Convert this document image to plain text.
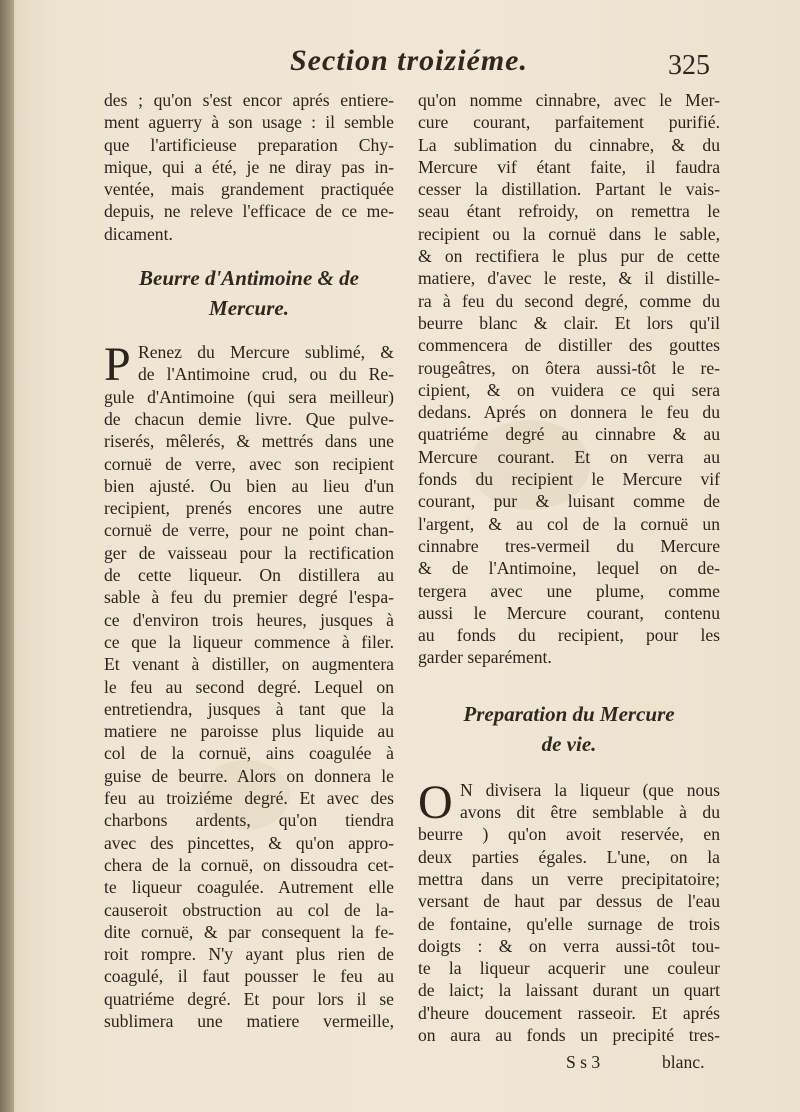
Section troiziéme.	325
des ; qu'on s'est encor aprés entiere-
ment aguerry à son usage : il semble
que l'artificieuse preparation Chy-
mique, qui a été, je ne diray pas in-
ventée, mais grandement practiquée
depuis, ne releve l'efficace de ce me-
dicament.
Beurre d'Antimoine & de
Mercure.
P Renez du Mercure sublimé, &
de l'Antimoine crud, ou du Re-
gule d'Antimoine (qui sera meilleur)
de chacun demie livre. Que pulve-
riserés, mêlerés, & mettrés dans une
cornuë de verre, avec son recipient
bien ajusté. Ou bien au lieu d'un
recipient, prenés encores une autre
cornuë de verre, pour ne point chan-
ger de vaisseau pour la rectification
de cette liqueur. On distillera au
sable à feu du premier degré l'espa-
ce d'environ trois heures, jusques à
ce que la liqueur commence à filer.
Et venant à distiller, on augmentera
le feu au second degré. Lequel on
entretiendra, jusques à tant que la
matiere ne paroisse plus liquide au
col de la cornuë, ains coagulée à
guise de beurre. Alors on donnera le
feu au troiziéme degré. Et avec des
charbons ardents, qu'on tiendra
avec des pincettes, & qu'on appro-
chera de la cornuë, on dissoudra cet-
te liqueur coagulée. Autrement elle
causeroit obstruction au col de la-
dite cornuë, & par consequent la fe-
roit rompre. N'y ayant plus rien de
coagulé, il faut pousser le feu au
quatriéme degré. Et pour lors il se
sublimera une matiere vermeille,
qu'on nomme cinnabre, avec le Mer-
cure courant, parfaitement purifié.
La sublimation du cinnabre, & du
Mercure vif étant faite, il faudra
cesser la distillation. Partant le vais-
seau étant refroidy, on remettra le
recipient ou la cornuë dans le sable,
& on rectifiera le plus pur de cette
matiere, d'avec le reste, & il distille-
ra à feu du second degré, comme du
beurre blanc & clair. Et lors qu'il
commencera de distiller des gouttes
rougeâtres, on ôtera aussi-tôt le re-
cipient, & on vuidera ce qui sera
dedans. Aprés on donnera le feu du
quatriéme degré au cinnabre & au
Mercure courant. Et on verra au
fonds du recipient le Mercure vif
courant, pur & luisant comme de
l'argent, & au col de la cornuë un
cinnabre tres-vermeil du Mercure
& de l'Antimoine, lequel on de-
tergera avec une plume, comme
aussi le Mercure courant, contenu
au fonds du recipient, pour les
garder separément.
Preparation du Mercure
de vie.
O N divisera la liqueur (que nous
avons dit être semblable à du
beurre ) qu'on avoit reservée, en
deux parties égales. L'une, on la
mettra dans un verre precipitatoire;
versant de haut par dessus de l'eau
de fontaine, qu'elle surnage de trois
doigts : & on verra aussi-tôt tou-
te la liqueur acquerir une couleur
de laict; la laissant durant un quart
d'heure doucement rasseoir. Et aprés
on aura au fonds un precipité tres-
S s 3	blanc.
